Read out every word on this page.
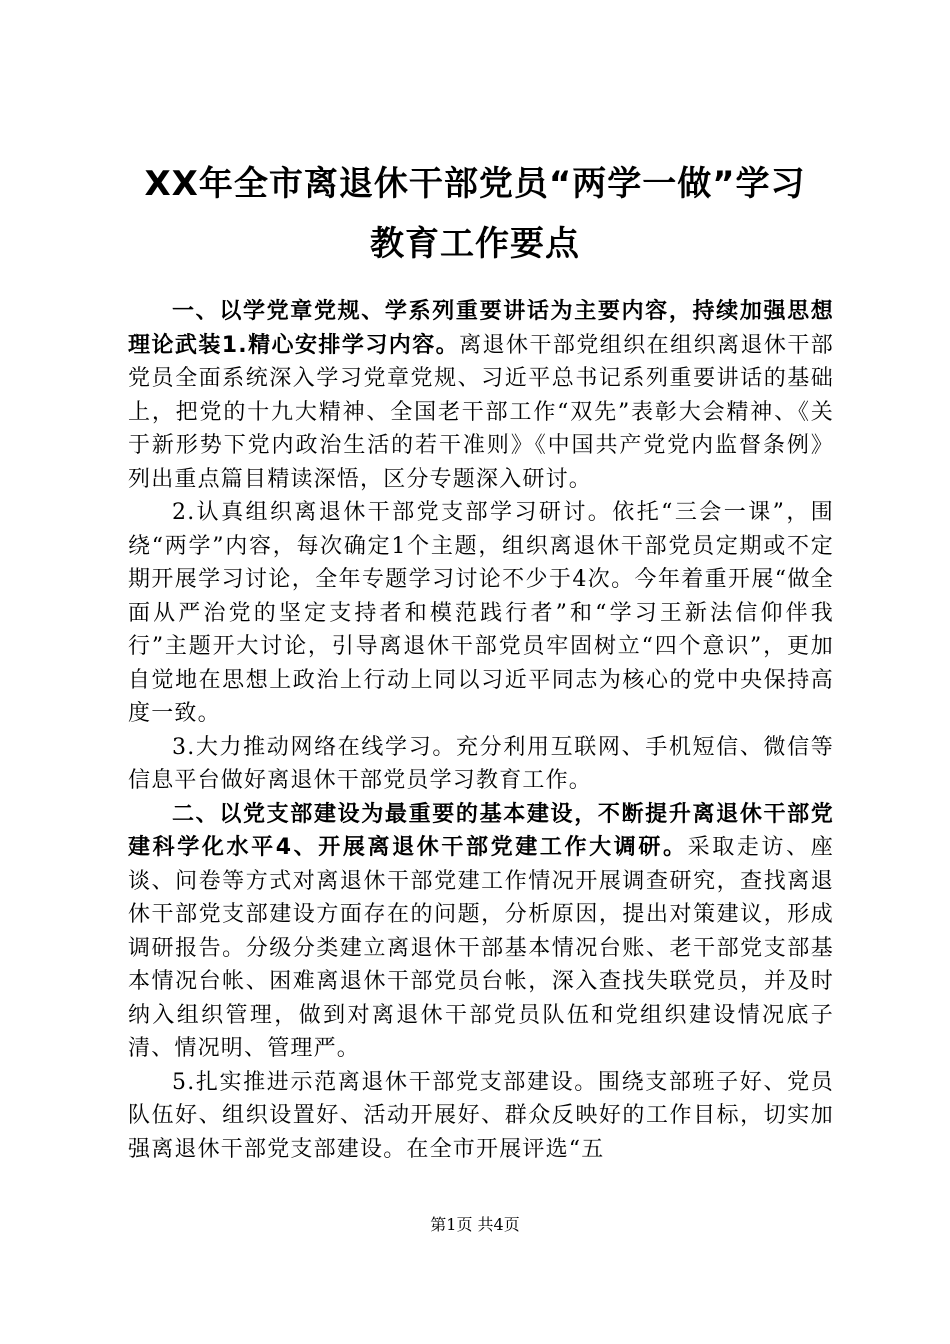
XX年全市离退休干部党员“两学一做”学习
教育工作要点

一、以学党章党规、学系列重要讲话为主要内容，持续加强思想理论武装1.精心安排学习内容。离退休干部党组织在组织离退休干部党员全面系统深入学习党章党规、习近平总书记系列重要讲话的基础上，把党的十九大精神、全国老干部工作“双先”表彰大会精神、《关于新形势下党内政治生活的若干准则》《中国共产党党内监督条例》列出重点篇目精读深悟，区分专题深入研讨。

2.认真组织离退休干部党支部学习研讨。依托“三会一课”，围绕“两学”内容，每次确定1个主题，组织离退休干部党员定期或不定期开展学习讨论，全年专题学习讨论不少于4次。今年着重开展“做全面从严治党的坚定支持者和模范践行者”和“学习王新法信仰伴我行”主题开大讨论，引导离退休干部党员牢固树立“四个意识”，更加自觉地在思想上政治上行动上同以习近平同志为核心的党中央保持高度一致。

3.大力推动网络在线学习。充分利用互联网、手机短信、微信等信息平台做好离退休干部党员学习教育工作。

二、以党支部建设为最重要的基本建设，不断提升离退休干部党建科学化水平4、开展离退休干部党建工作大调研。采取走访、座谈、问卷等方式对离退休干部党建工作情况开展调查研究，查找离退休干部党支部建设方面存在的问题，分析原因，提出对策建议，形成调研报告。分级分类建立离退休干部基本情况台账、老干部党支部基本情况台帐、困难离退休干部党员台帐，深入查找失联党员，并及时纳入组织管理，做到对离退休干部党员队伍和党组织建设情况底子清、情况明、管理严。

5.扎实推进示范离退休干部党支部建设。围绕支部班子好、党员队伍好、组织设置好、活动开展好、群众反映好的工作目标，切实加强离退休干部党支部建设。在全市开展评选“五

第1页 共4页
